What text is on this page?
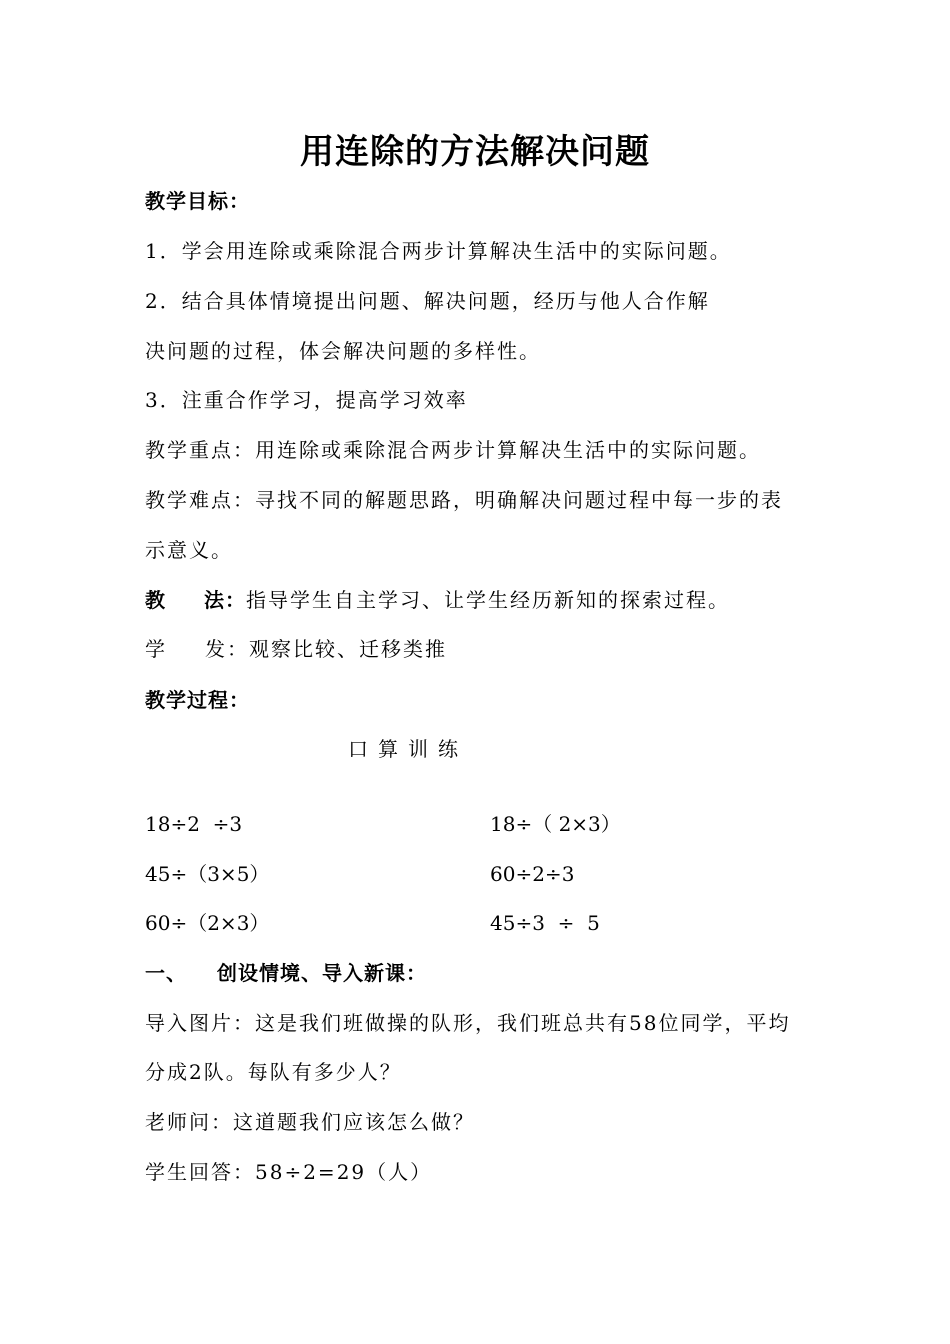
用连除的方法解决问题
教学目标：
1．学会用连除或乘除混合两步计算解决生活中的实际问题。
2．结合具体情境提出问题、解决问题，经历与他人合作解
决问题的过程，体会解决问题的多样性。
3．注重合作学习，提高学习效率
教学重点：用连除或乘除混合两步计算解决生活中的实际问题。
教学难点：寻找不同的解题思路，明确解决问题过程中每一步的表
示意义。
教 法：指导学生自主学习、让学生经历新知的探索过程。
学 发：观察比较、迁移类推
教学过程：
口算训练
18÷2  ÷3	18÷（ 2×3）
45÷（3×5）	60÷2÷3
60÷（2×3）	45÷3  ÷  5
一、 创设情境、导入新课：
导入图片：这是我们班做操的队形，我们班总共有58位同学，平均
分成2队。每队有多少人？
老师问：这道题我们应该怎么做？
学生回答：58÷2=29（人）
